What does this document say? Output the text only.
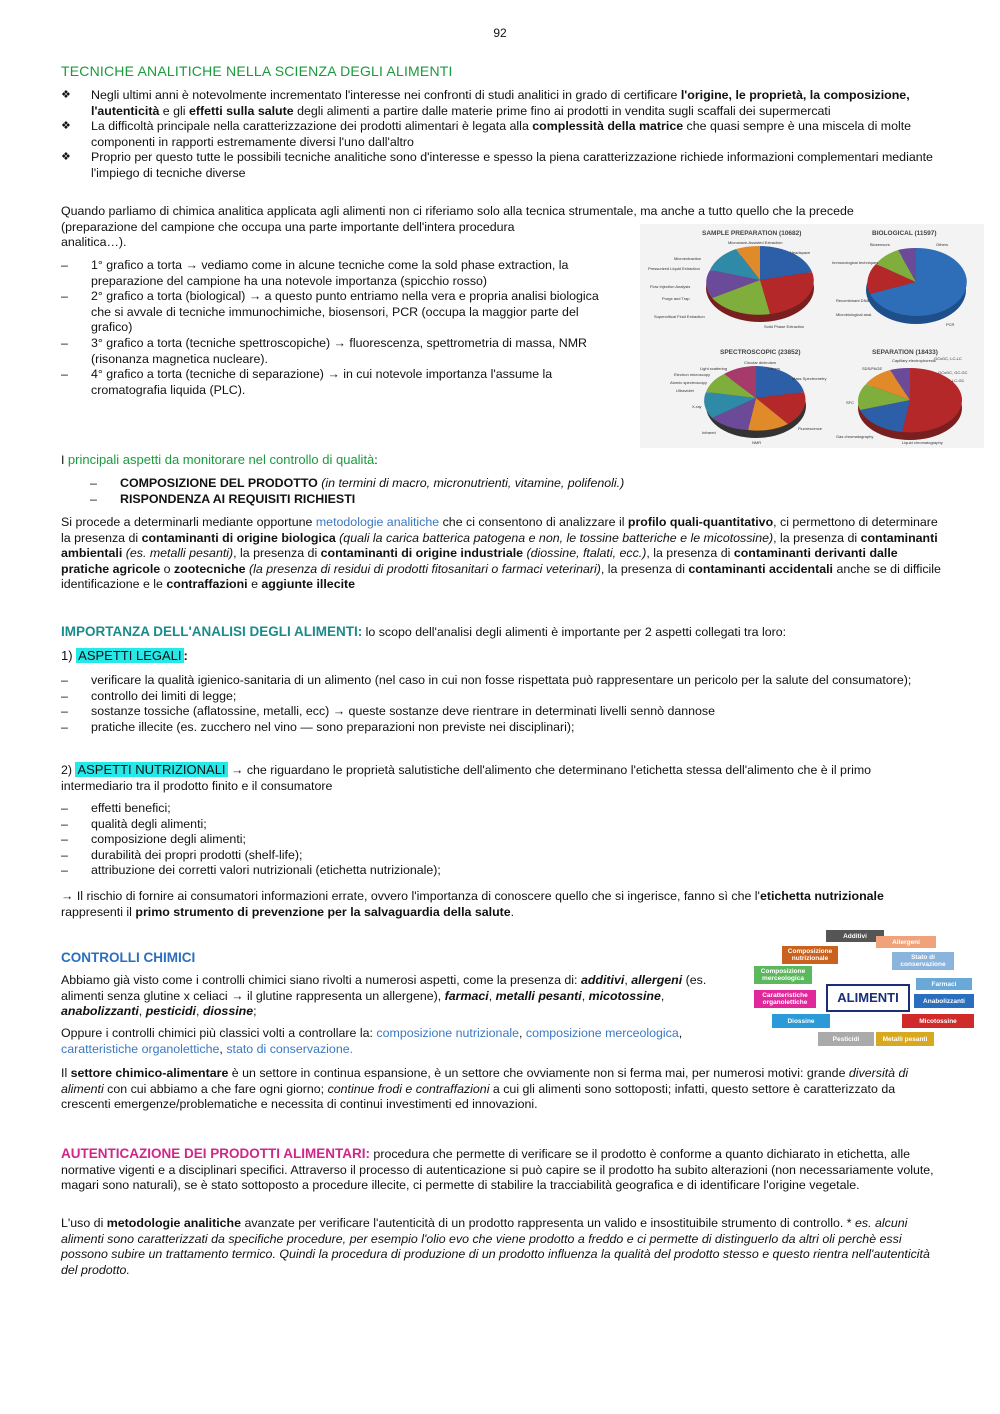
92
TECNICHE ANALITICHE NELLA SCIENZA DEGLI ALIMENTI
❖ Negli ultimi anni è notevolmente incrementato l'interesse nei confronti di studi analitici in grado di certificare l'origine, le proprietà, la composizione, l'autenticità e gli effetti sulla salute degli alimenti a partire dalle materie prime fino ai prodotti in vendita sugli scaffali dei supermercati
❖ La difficoltà principale nella caratterizzazione dei prodotti alimentari è legata alla complessità della matrice che quasi sempre è una miscela di molte componenti in rapporti estremamente diversi l'uno dall'altro
❖ Proprio per questo tutte le possibili tecniche analitiche sono d'interesse e spesso la piena caratterizzazione richiede informazioni complementari mediante l'impiego di tecniche diverse

Quando parliamo di chimica analitica applicata agli alimenti non ci riferiamo solo alla tecnica strumentale, ma anche a tutto quello che la precede

(preparazione del campione che occupa una parte importante dell'intera procedura

analitica…).

– 1° grafico a torta → vediamo come in alcune tecniche come la sold phase extraction, la preparazione del campione ha una notevole importanza (spicchio rosso)
– 2° grafico a torta (biological) → a questo punto entriamo nella vera e propria analisi biologica che si avvale di tecniche immunochimiche, biosensori, PCR (occupa la maggior parte del grafico)
– 3° grafico a torta (tecniche spettroscopiche) → fluorescenza, spettrometria di massa, NMR (risonanza magnetica nucleare).
– 4° grafico a torta (tecniche di separazione) → in cui notevole importanza l'assume la cromatografia liquida (PLC).
SAMPLE PREPARATION (10682)	BIOLOGICAL (11597)
SPECTROSCOPIC (23852)	SEPARATION (18433)
Microwave-Assisted Extraction
Headspace
Microextraction
Pressurized Liquid Extraction
Flow Injection Analysis
Purge and Trap
Supercritical Fluid Extraction
Solid Phase Extraction
Biosensors	Others
Immunological techniques
Recombinant DNA
Microbiological anal.
PCR
Light scattering
Circular dichroism
Electron microscopy
Atomic spectroscopy
Ultraviolet
X-ray
Infrared
NMR
Fluorescence
Mass Spectrometry
Others
Capillary electrophoresis
GCxGC, LC-LC
SDS/PAGE
GCxGC, GC-GC
LC-GC
SFC
Gas chromatography
Liquid chromatography

I principali aspetti da monitorare nel controllo di qualità:

– COMPOSIZIONE DEL PRODOTTO (in termini di macro, micronutrienti, vitamine, polifenoli.)
– RISPONDENZA AI REQUISITI RICHIESTI

Si procede a determinarli mediante opportune metodologie analitiche che ci consentono di analizzare il profilo quali-quantitativo, ci permettono di determinare la presenza di contaminanti di origine biologica (quali la carica batterica patogena e non, le tossine batteriche e le micotossine), la presenza di contaminanti ambientali (es. metalli pesanti), la presenza di contaminanti di origine industriale (diossine, ftalati, ecc.), la presenza di contaminanti derivanti dalle pratiche agricole o zootecniche (la presenza di residui di prodotti fitosanitari o farmaci veterinari), la presenza di contaminanti accidentali anche se di difficile identificazione e le contraffazioni e aggiunte illecite

IMPORTANZA DELL'ANALISI DEGLI ALIMENTI: lo scopo dell'analisi degli alimenti è importante per 2 aspetti collegati tra loro:

1) ASPETTI LEGALI :

– verificare la qualità igienico-sanitaria di un alimento (nel caso in cui non fosse rispettata può rappresentare un pericolo per la salute del consumatore);
– controllo dei limiti di legge;
– sostanze tossiche (aflatossine, metalli, ecc) → queste sostanze deve rientrare in determinati livelli sennò dannose
– pratiche illecite (es. zucchero nel vino — sono preparazioni non previste nei disciplinari);

2) ASPETTI NUTRIZIONALI → che riguardano le proprietà salutistiche dell'alimento che determinano l'etichetta stessa dell'alimento che è il primo intermediario tra il prodotto finito e il consumatore

– effetti benefici;
– qualità degli alimenti;
– composizione degli alimenti;
– durabilità dei propri prodotti (shelf-life);
– attribuzione dei corretti valori nutrizionali (etichetta nutrizionale);

→ Il rischio di fornire ai consumatori informazioni errate, ovvero l'importanza di conoscere quello che si ingerisce, fanno sì che l'etichetta nutrizionale rappresenti il primo strumento di prevenzione per la salvaguardia della salute.

CONTROLLI CHIMICI

Abbiamo già visto come i controlli chimici siano rivolti a numerosi aspetti, come la presenza di: additivi, allergeni (es. alimenti senza glutine x celiaci → il glutine rappresenta un allergene), farmaci, metalli pesanti, micotossine, anabolizzanti, pesticidi, diossine;

Oppure i controlli chimici più classici volti a controllare la: composizione nutrizionale, composizione merceologica, caratteristiche organolettiche, stato di conservazione.

Il settore chimico-alimentare è un settore in continua espansione, è un settore che ovviamente non si ferma mai, per numerosi motivi: grande diversità di alimenti con cui abbiamo a che fare ogni giorno; continue frodi e contraffazioni a cui gli alimenti sono sottoposti; infatti, questo settore è caratterizzato da crescenti emergenze/problematiche e necessita di continui investimenti ed innovazioni.

Additivi
Allergeni
Composizione nutrizionale	Stato di conservazione
Composizione merceologica
Farmaci
Caratteristiche organolettiche	ALIMENTI	Anabolizzanti
Diossine	Micotossine
Pesticidi	Metalli pesanti

AUTENTICAZIONE DEI PRODOTTI ALIMENTARI: procedura che permette di verificare se il prodotto è conforme a quanto dichiarato in etichetta, alle normative vigenti e a disciplinari specifici. Attraverso il processo di autenticazione si può capire se il prodotto ha subito alterazioni (non necessariamente volute, magari sono naturali), se è stato sottoposto a procedure illecite, ci permette di stabilire la tracciabilità geografica e di identificare l'origine vegetale.

L'uso di metodologie analitiche avanzate per verificare l'autenticità di un prodotto rappresenta un valido e insostituibile strumento di controllo. * es. alcuni alimenti sono caratterizzati da specifiche procedure, per esempio l'olio evo che viene prodotto a freddo e ci permette di distinguerlo da altri oli perchè essi possono subire un trattamento termico. Quindi la procedura di produzione di un prodotto influenza la qualità del prodotto stesso e questo rientra nell'autenticità del prodotto.
